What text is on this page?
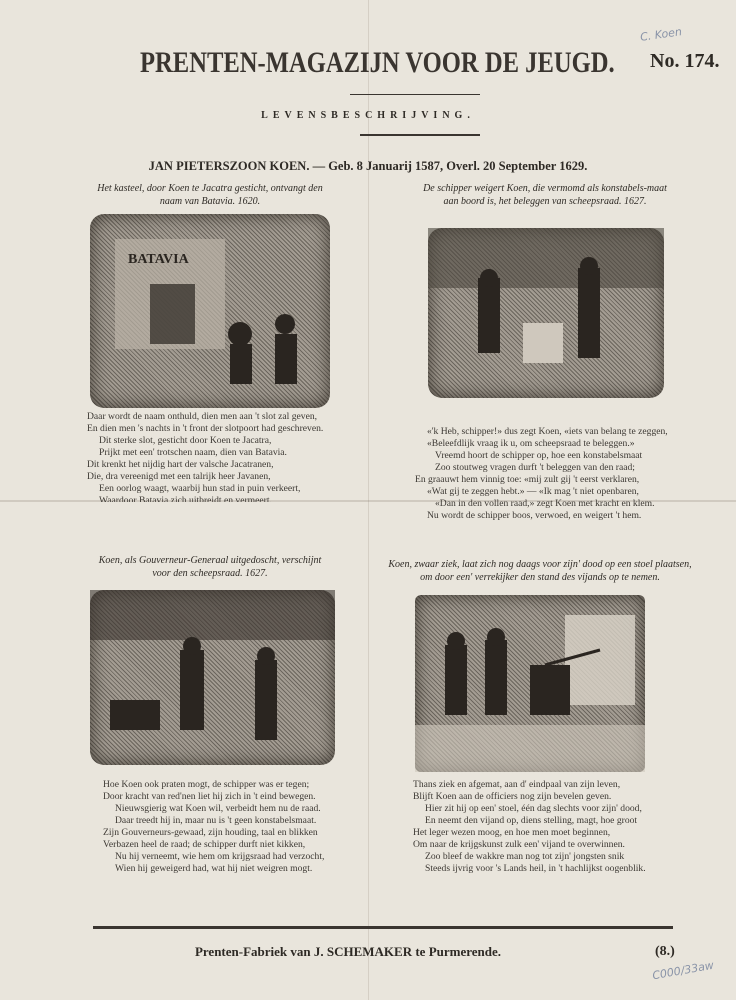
C. Koen
PRENTEN-MAGAZIJN VOOR DE JEUGD. No. 174.
LEVENSBESCHRIJVING.
JAN PIETERSZOON KOEN. — Geb. 8 Januarij 1587, Overl. 20 September 1629.
Het kasteel, door Koen te Jacatra gesticht, ontvangt den
naam van Batavia. 1620.
BATAVIA
Daar wordt de naam onthuld, dien men aan 't slot zal geven,
En dien men 's nachts in 't front der slotpoort had geschreven.
Dit sterke slot, gesticht door Koen te Jacatra,
Prijkt met een' trotschen naam, dien van Batavia.
Dit krenkt het nijdig hart der valsche Jacatranen,
Die, dra vereenigd met een talrijk heer Javanen,
Een oorlog waagt, waarbij hun stad in puin verkeert,
Waardoor Batavia zich uitbreidt en vermeert.
De schipper weigert Koen, die vermomd als konstabels-maat
aan boord is, het beleggen van scheepsraad. 1627.
«'k Heb, schipper!» dus zegt Koen, «iets van belang te zeggen,
«Beleefdlijk vraag ik u, om scheepsraad te beleggen.»
Vreemd hoort de schipper op, hoe een konstabelsmaat
Zoo stoutweg vragen durft 't beleggen van den raad;
En graauwt hem vinnig toe: «mij zult gij 't eerst verklaren,
«Wat gij te zeggen hebt.» — «Ik mag 't niet openbaren,
«Dan in den vollen raad,» zegt Koen met kracht en klem.
Nu wordt de schipper boos, verwoed, en weigert 't hem.
Koen, als Gouverneur-Generaal uitgedoscht, verschijnt
voor den scheepsraad. 1627.
Hoe Koen ook praten mogt, de schipper was er tegen;
Door kracht van red'nen liet hij zich in 't eind bewegen.
Nieuwsgierig wat Koen wil, verbeidt hem nu de raad.
Daar treedt hij in, maar nu is 't geen konstabelsmaat.
Zijn Gouverneurs-gewaad, zijn houding, taal en blikken
Verbazen heel de raad; de schipper durft niet kikken,
Nu hij verneemt, wie hem om krijgsraad had verzocht,
Wien hij geweigerd had, wat hij niet weigren mogt.
Koen, zwaar ziek, laat zich nog daags voor zijn' dood op een stoel plaatsen,
om door een' verrekijker den stand des vijands op te nemen.
Thans ziek en afgemat, aan d' eindpaal van zijn leven,
Blijft Koen aan de officiers nog zijn bevelen geven.
Hier zit hij op een' stoel, één dag slechts voor zijn' dood,
En neemt den vijand op, diens stelling, magt, hoe groot
Het leger wezen moog, en hoe men moet beginnen,
Om naar de krijgskunst zulk een' vijand te overwinnen.
Zoo bleef de wakkre man nog tot zijn' jongsten snik
Steeds ijvrig voor 's Lands heil, in 't hachlijkst oogenblik.
Prenten-Fabriek van J. SCHEMAKER te Purmerende.	(8.)
C000/33aw
